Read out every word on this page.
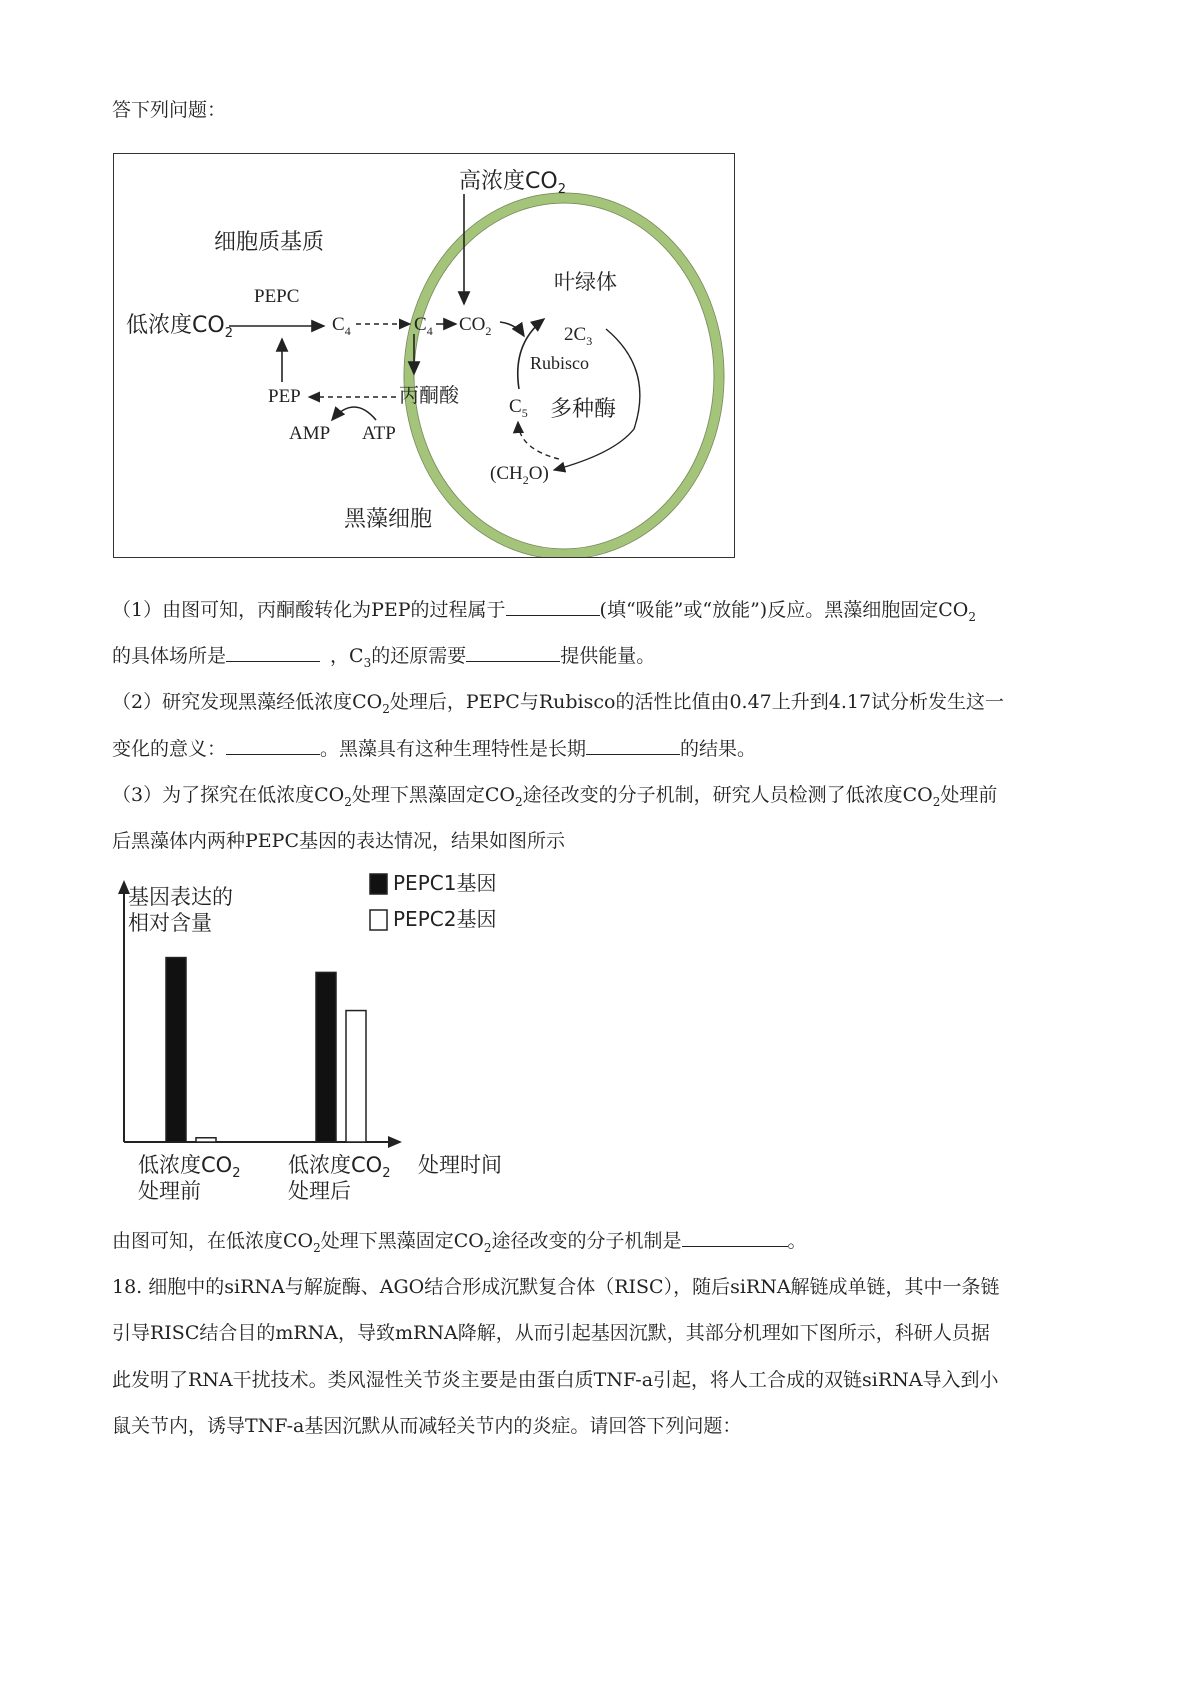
答下列问题：
高浓度$CO_2$
细胞质基质
叶绿体
PEPC
低浓度$CO_2$	$C_4$	$C_4$ $CO_2$	$2C_3$
Rubisco
PEP	丙酮酸	$C_5$ 多种酶
AMP ATP
$(CH_2O)$
黑藻细胞
（1）由图可知，丙酮酸转化为PEP的过程属于	(填“吸能”或“放能”)反应。黑藻细胞固定$CO_2$
的具体场所是	，$C_3$的还原需要	提供能量。
（2）研究发现黑藻经低浓度$CO_2$处理后，PEPC与Rubisco的活性比值由0.47上升到4.17试分析发生这一
变化的意义：	。黑藻具有这种生理特性是长期	的结果。
（3）为了探究在低浓度$CO_2$处理下黑藻固定$CO_2$途径改变的分子机制，研究人员检测了低浓度$CO_2$处理前
后黑藻体内两种PEPC基因的表达情况，结果如图所示
基因表达的
相对含量
低浓度$CO_2$
处理前
低浓度$CO_2$
处理后
处理时间
PEPC1基因
PEPC2基因
由图可知，在低浓度$CO_2$处理下黑藻固定$CO_2$途径改变的分子机制是	。
18. 细胞中的siRNA与解旋酶、AGO结合形成沉默复合体（RISC），随后siRNA解链成单链，其中一条链
引导RISC结合目的mRNA，导致mRNA降解，从而引起基因沉默，其部分机理如下图所示，科研人员据
此发明了RNA干扰技术。类风湿性关节炎主要是由蛋白质TNF-a引起，将人工合成的双链siRNA导入到小
鼠关节内，诱导TNF-a基因沉默从而减轻关节内的炎症。请回答下列问题：
